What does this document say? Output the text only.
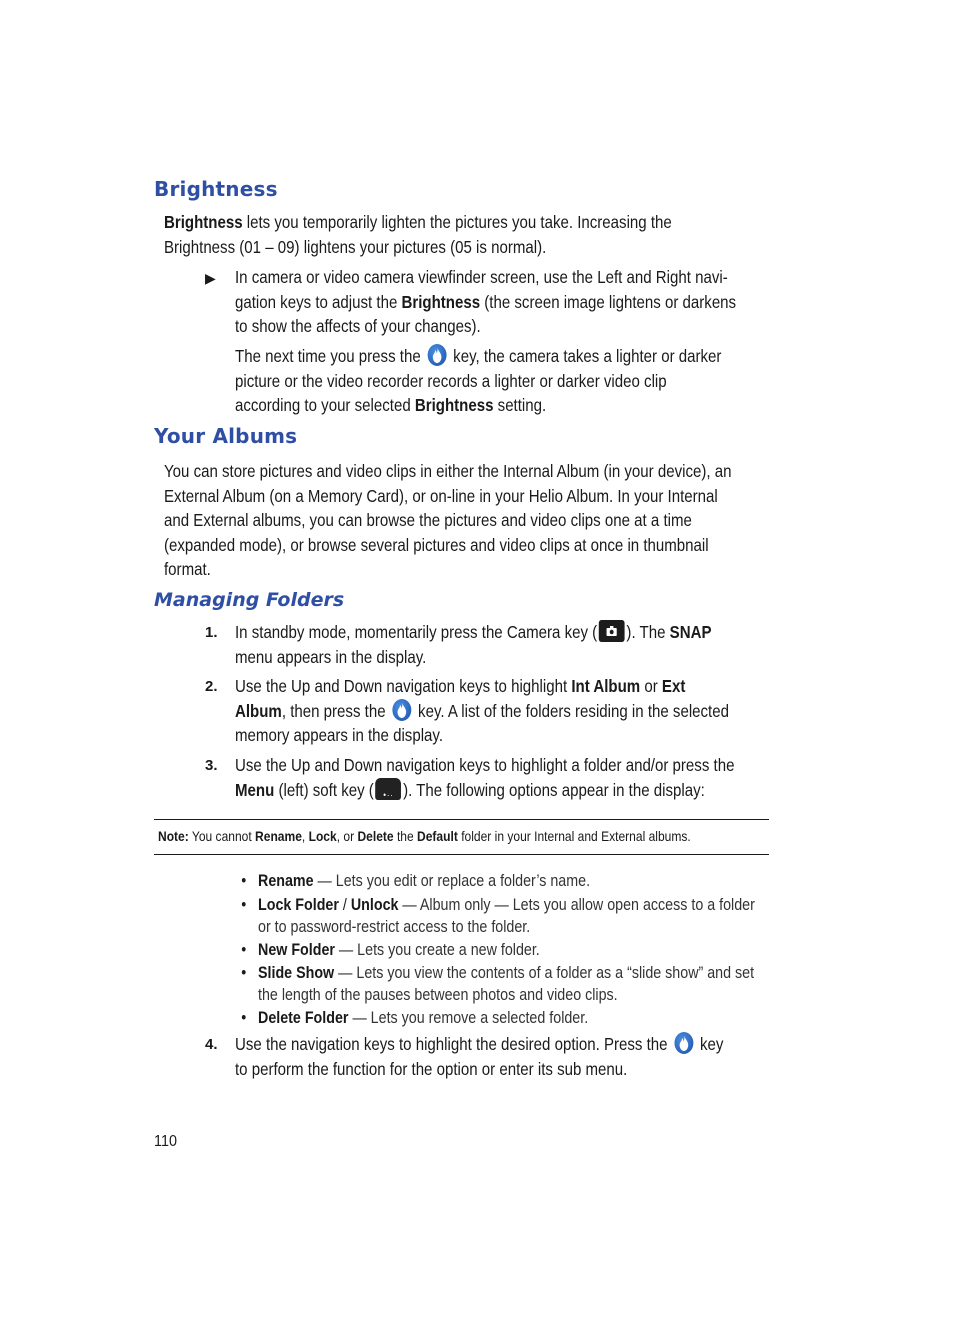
Brightness
Brightness lets you temporarily lighten the pictures you take. Increasing the
Brightness (01 – 09) lightens your pictures (05 is normal).
▶ In camera or video camera viewfinder screen, use the Left and Right navi-
gation keys to adjust the Brightness (the screen image lightens or darkens
to show the affects of your changes).
The next time you press the key, the camera takes a lighter or darker
picture or the video recorder records a lighter or darker video clip
according to your selected Brightness setting.
Your Albums
You can store pictures and video clips in either the Internal Album (in your device), an
External Album (on a Memory Card), or on-line in your Helio Album. In your Internal
and External albums, you can browse the pictures and video clips one at a time
(expanded mode), or browse several pictures and video clips at once in thumbnail
format.
Managing Folders
1. In standby mode, momentarily press the Camera key ( ). The SNAP
menu appears in the display.
2. Use the Up and Down navigation keys to highlight Int Album or Ext
Album, then press the key. A list of the folders residing in the selected
memory appears in the display.
3. Use the Up and Down navigation keys to highlight a folder and/or press the
Menu (left) soft key ( •·· ). The following options appear in the display:
Note: You cannot Rename, Lock, or Delete the Default folder in your Internal and External albums.
• Rename — Lets you edit or replace a folder’s name.
• Lock Folder / Unlock — Album only — Lets you allow open access to a folder
or to password-restrict access to the folder.
• New Folder — Lets you create a new folder.
• Slide Show — Lets you view the contents of a folder as a “slide show” and set
the length of the pauses between photos and video clips.
• Delete Folder — Lets you remove a selected folder.
4. Use the navigation keys to highlight the desired option. Press the key
to perform the function for the option or enter its sub menu.
110
